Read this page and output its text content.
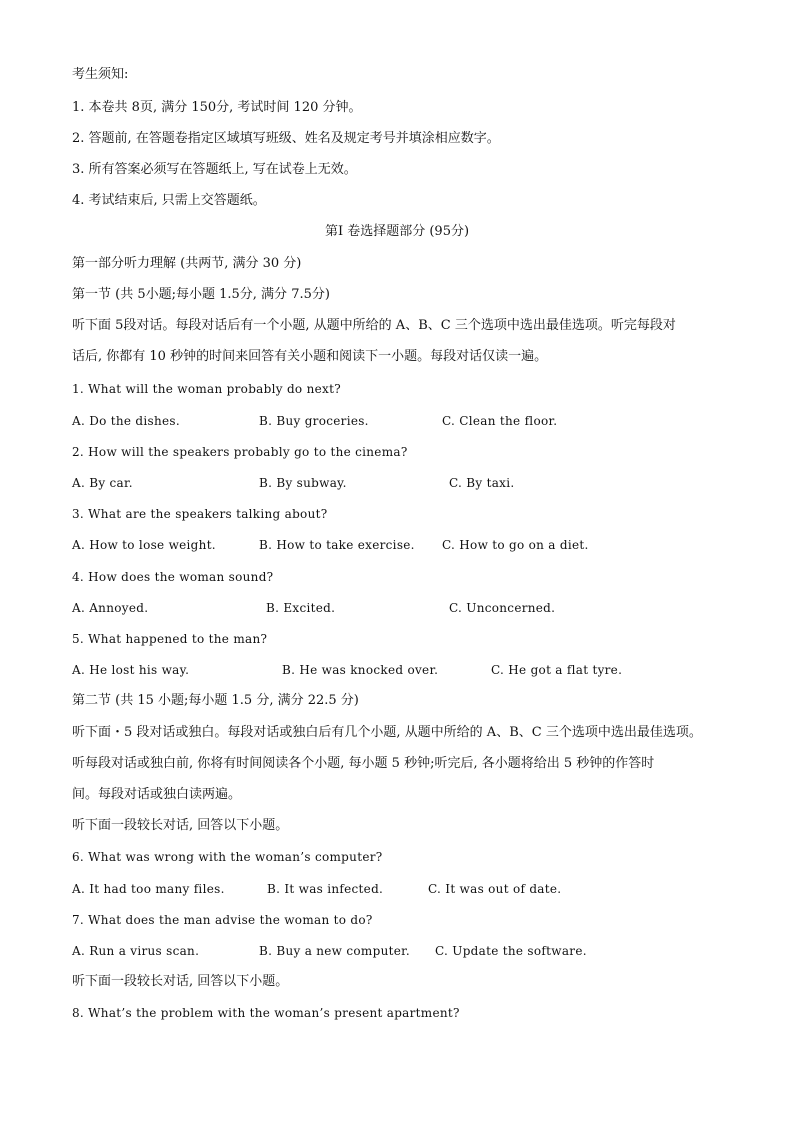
考生须知:
1. 本卷共 8页, 满分 150分, 考试时间 120 分钟。
2. 答题前, 在答题卷指定区域填写班级、姓名及规定考号并填涂相应数字。
3. 所有答案必须写在答题纸上, 写在试卷上无效。
4. 考试结束后, 只需上交答题纸。
第Ⅰ 卷选择题部分 (95分)
第一部分听力理解 (共两节, 满分 30 分)
第一节 (共 5小题;每小题 1.5分, 满分 7.5分)
听下面 5段对话。每段对话后有一个小题, 从题中所给的 A、B、C 三个选项中选出最佳选项。听完每段对
话后, 你都有 10 秒钟的时间来回答有关小题和阅读下一小题。每段对话仅读一遍。
1. What will the woman probably do next?
A. Do the dishes.	B. Buy groceries.	C. Clean the floor.
2. How will the speakers probably go to the cinema?
A. By car.	B. By subway.	C. By taxi.
3. What are the speakers talking about?
A. How to lose weight.	B. How to take exercise. C. How to go on a diet.
4. How does the woman sound?
A. Annoyed.	B. Excited.	C. Unconcerned.
5. What happened to the man?
A. He lost his way.	B. He was knocked over.	C. He got a flat tyre.
第二节 (共 15 小题;每小题 1.5 分, 满分 22.5 分)
听下面・5 段对话或独白。每段对话或独白后有几个小题, 从题中所给的 A、B、C 三个选项中选出最佳选项。
听每段对话或独白前, 你将有时间阅读各个小题, 每小题 5 秒钟;听完后, 各小题将给出 5 秒钟的作答时
间。每段对话或独白读两遍。
听下面一段较长对话, 回答以下小题。
6. What was wrong with the woman’s computer?
A. It had too many files.	B. It was infected.	C. It was out of date.
7. What does the man advise the woman to do?
A. Run a virus scan.	B. Buy a new computer. C. Update the software.
听下面一段较长对话, 回答以下小题。
8. What’s the problem with the woman’s present apartment?
